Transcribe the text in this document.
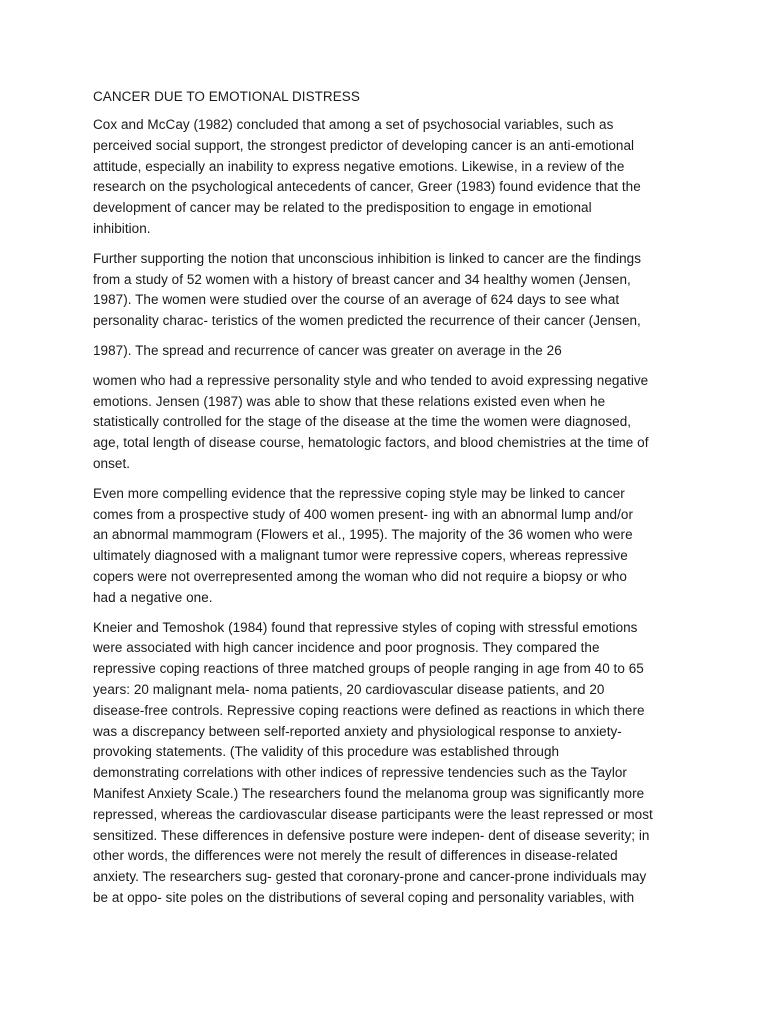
CANCER DUE TO EMOTIONAL DISTRESS
Cox and McCay (1982) concluded that among a set of psychosocial variables, such as
perceived social support, the strongest predictor of developing cancer is an anti-emotional
attitude, especially an inability to express negative emotions. Likewise, in a review of the
research on the psychological antecedents of cancer, Greer (1983) found evidence that the
development of cancer may be related to the predisposition to engage in emotional
inhibition.
Further supporting the notion that unconscious inhibition is linked to cancer are the findings
from a study of 52 women with a history of breast cancer and 34 healthy women (Jensen,
1987). The women were studied over the course of an average of 624 days to see what
personality charac- teristics of the women predicted the recurrence of their cancer (Jensen,
1987). The spread and recurrence of cancer was greater on average in the 26
women who had a repressive personality style and who tended to avoid expressing negative
emotions. Jensen (1987) was able to show that these relations existed even when he
statistically controlled for the stage of the disease at the time the women were diagnosed,
age, total length of disease course, hematologic factors, and blood chemistries at the time of
onset.
Even more compelling evidence that the repressive coping style may be linked to cancer
comes from a prospective study of 400 women present- ing with an abnormal lump and/or
an abnormal mammogram (Flowers et al., 1995). The majority of the 36 women who were
ultimately diagnosed with a malignant tumor were repressive copers, whereas repressive
copers were not overrepresented among the woman who did not require a biopsy or who
had a negative one.
Kneier and Temoshok (1984) found that repressive styles of coping with stressful emotions
were associated with high cancer incidence and poor prognosis. They compared the
repressive coping reactions of three matched groups of people ranging in age from 40 to 65
years: 20 malignant mela- noma patients, 20 cardiovascular disease patients, and 20
disease-free controls. Repressive coping reactions were defined as reactions in which there
was a discrepancy between self-reported anxiety and physiological response to anxiety-
provoking statements. (The validity of this procedure was established through
demonstrating correlations with other indices of repressive tendencies such as the Taylor
Manifest Anxiety Scale.) The researchers found the melanoma group was significantly more
repressed, whereas the cardiovascular disease participants were the least repressed or most
sensitized. These differences in defensive posture were indepen- dent of disease severity; in
other words, the differences were not merely the result of differences in disease-related
anxiety. The researchers sug- gested that coronary-prone and cancer-prone individuals may
be at oppo- site poles on the distributions of several coping and personality variables, with
